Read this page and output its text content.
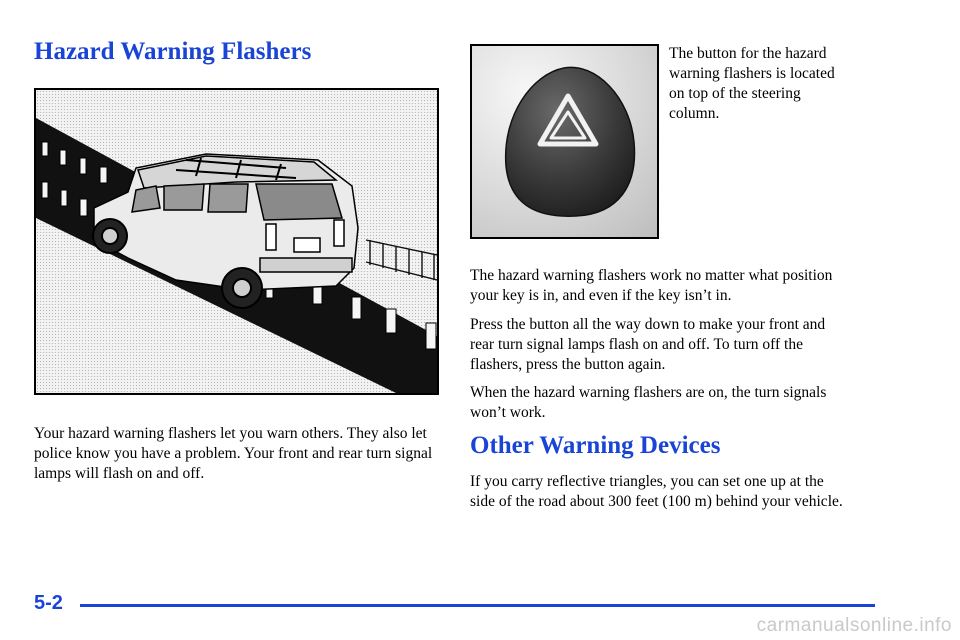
Hazard Warning Flashers

Your hazard warning flashers let you warn others. They also let police know you have a problem. Your front and rear turn signal lamps will flash on and off.

The button for the hazard warning flashers is located on top of the steering column.

The hazard warning flashers work no matter what position your key is in, and even if the key isn’t in.

Press the button all the way down to make your front and rear turn signal lamps flash on and off. To turn off the flashers, press the button again.

When the hazard warning flashers are on, the turn signals won’t work.

Other Warning Devices

If you carry reflective triangles, you can set one up at the side of the road about 300 feet (100 m) behind your vehicle.

5-2
carmanualsonline.info
